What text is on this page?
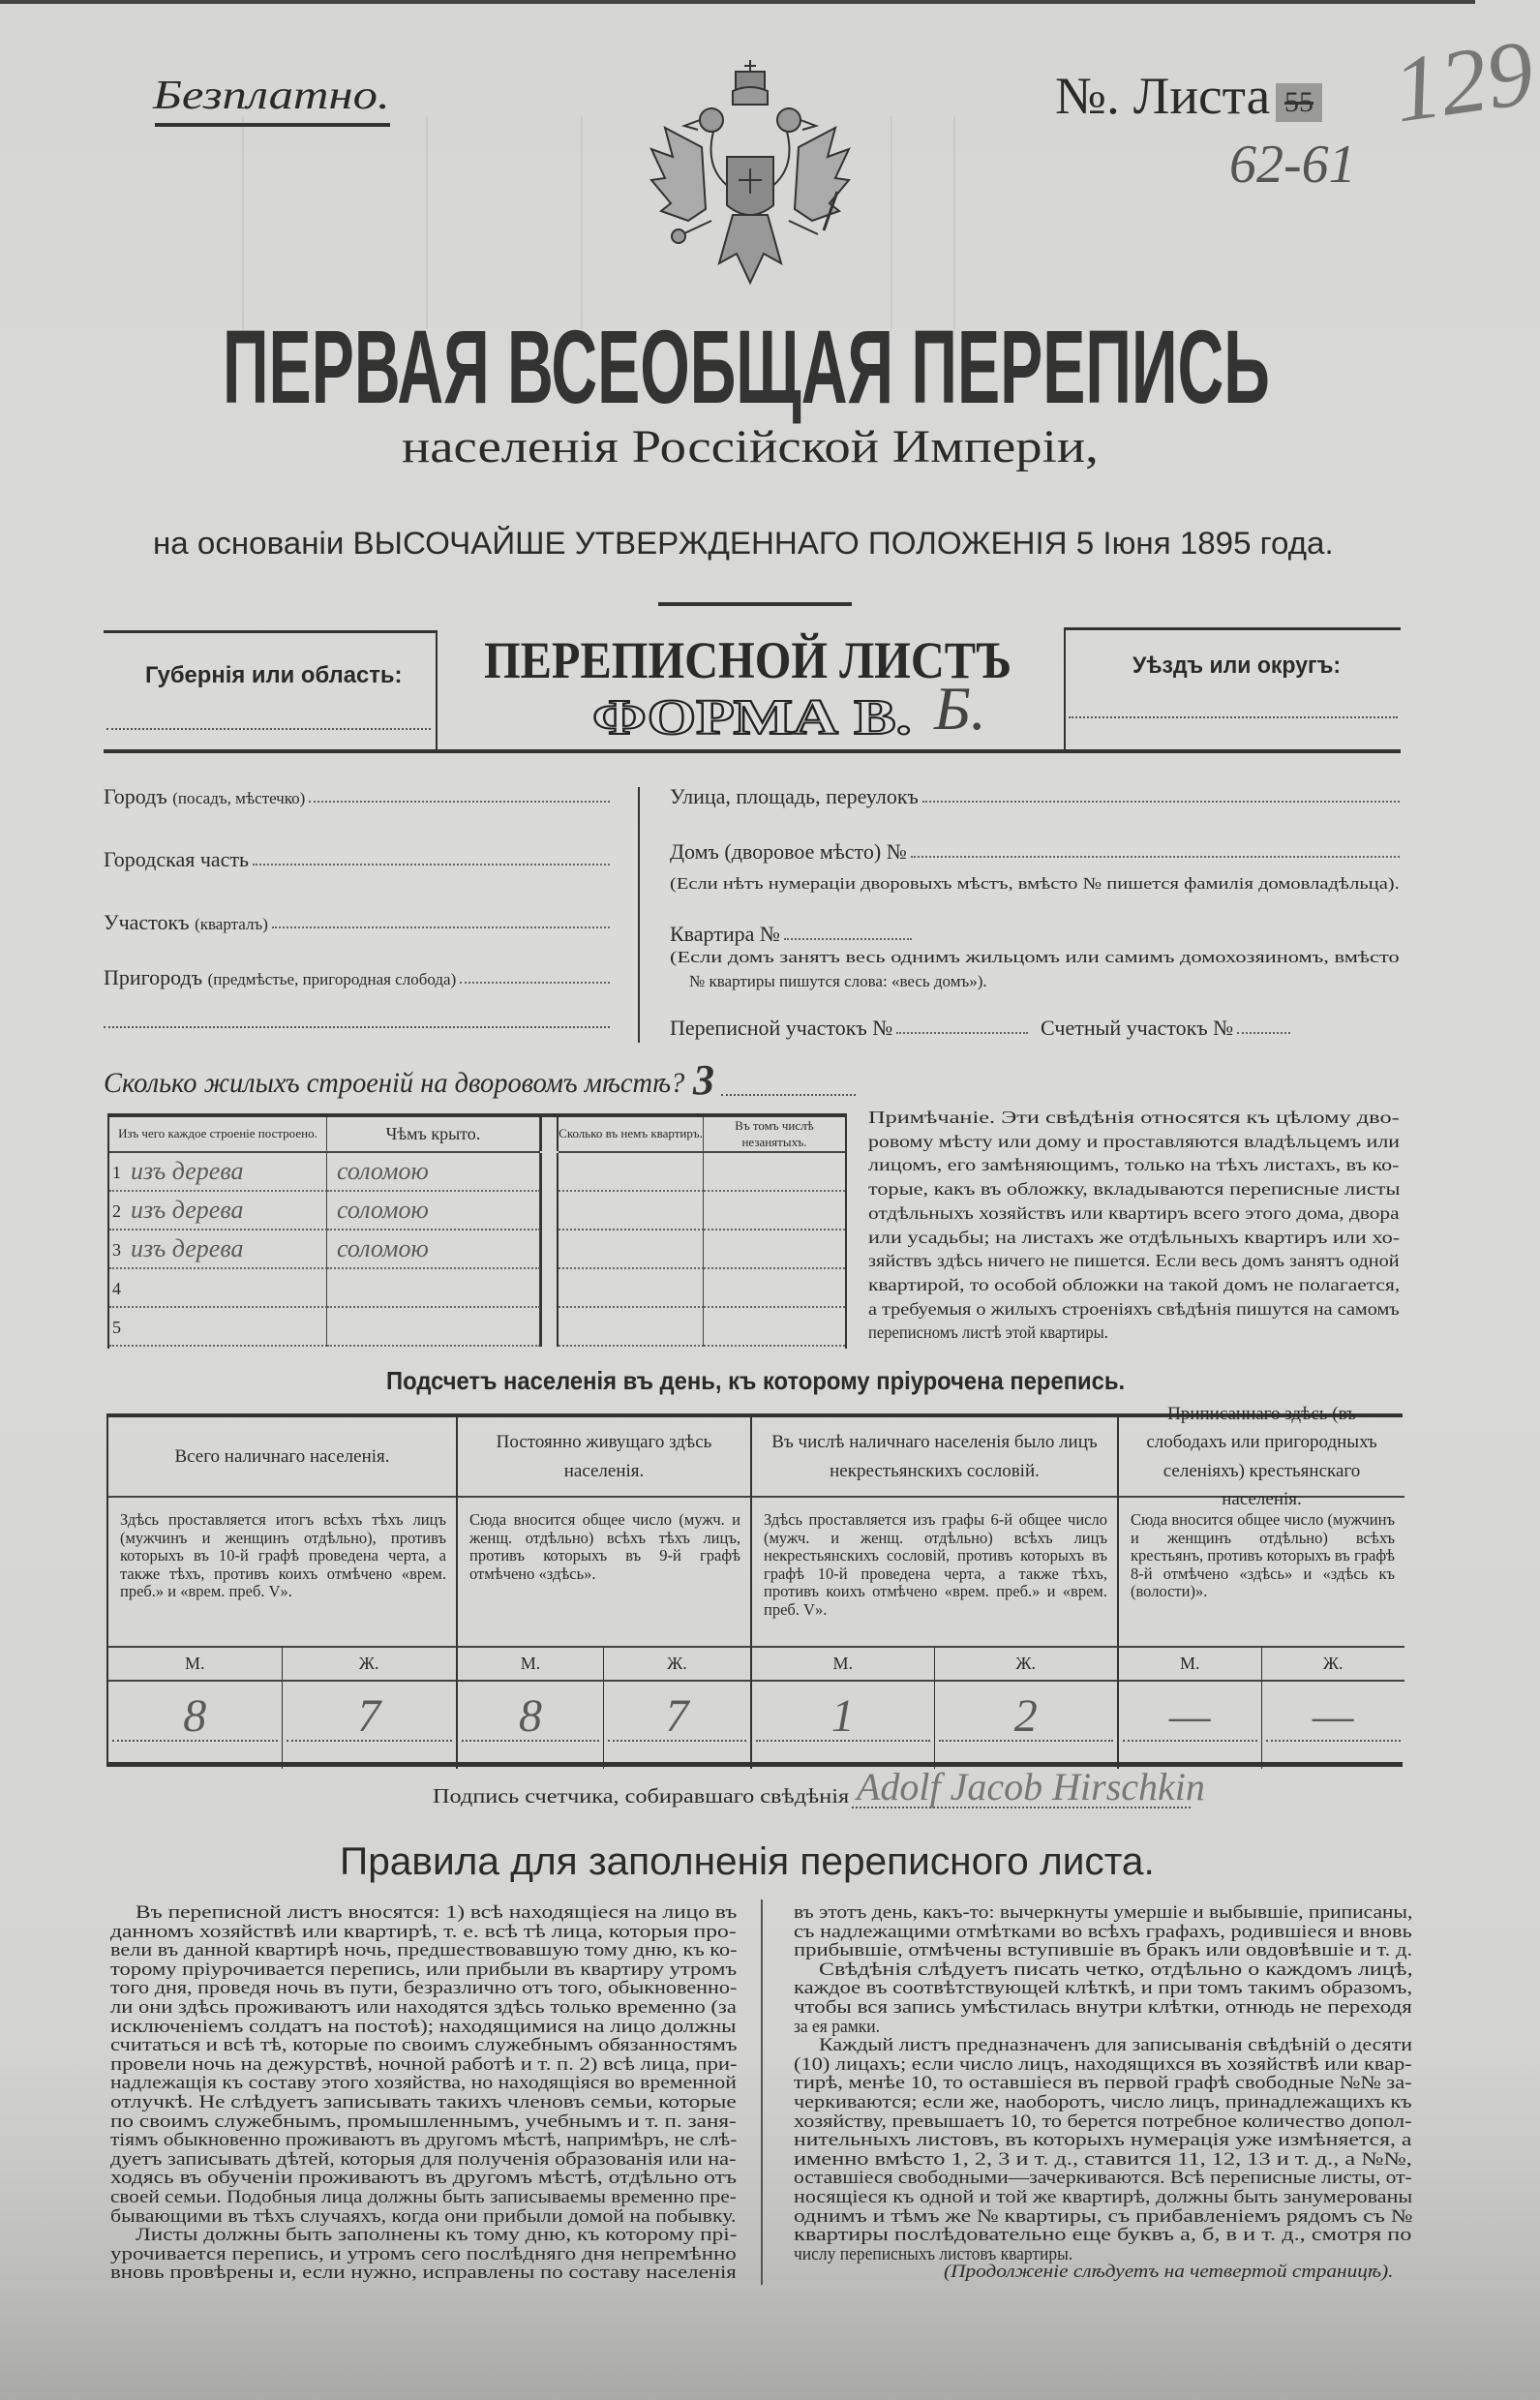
Безплатно.	№. Листа 55 129
62-61
ПЕРВАЯ ВСЕОБЩАЯ ПЕРЕПИСЬ
населенія Россійской Имперіи,
на основаніи ВЫСОЧАЙШЕ УТВЕРЖДЕННАГО ПОЛОЖЕНІЯ 5 Іюня 1895 года.
Губернія или область: ПЕРЕПИСНОЙ ЛИСТЪ
ФОРМА В. Б.
Уѣздъ или округъ:
Городъ (посадъ, мѣстечко)
Городская часть
Участокъ (кварталъ)
Пригородъ (предмѣстье, пригородная слобода)
Улица, площадь, переулокъ
Домъ (дворовое мѣсто) №
(Если нѣтъ нумераціи дворовыхъ мѣстъ, вмѣсто № пишется фамилія домовладѣльца).
Квартира №
(Если домъ занятъ весь однимъ жильцомъ или самимъ домохозяиномъ, вмѣсто
№ квартиры пишутся слова: «весь домъ»).
Переписной участокъ №	Счетный участокъ №
Сколько жилыхъ строеній на дворовомъ мѣстѣ? 3
Изъ чего каждое строеніе построено.	Чѣмъ крыто.	Сколько въ немъ квартиръ.
Въ томъ числѣ незанятыхъ.
1 изъ дерева	соломою
2 изъ дерева	соломою
3 изъ дерева	соломою
4
5
Примѣчаніе. Эти свѣдѣнія относятся къ цѣлому дво-
ровому мѣсту или дому и проставляются владѣльцемъ или
лицомъ, его замѣняющимъ, только на тѣхъ листахъ, въ ко-
торые, какъ въ обложку, вкладываются переписные листы
отдѣльныхъ хозяйствъ или квартиръ всего этого дома, двора
или усадьбы; на листахъ же отдѣльныхъ квартиръ или хо-
зяйствъ здѣсь ничего не пишется. Если весь домъ занятъ одной
квартирой, то особой обложки на такой домъ не полагается,
а требуемыя о жилыхъ строеніяхъ свѣдѣнія пишутся на самомъ
переписномъ листѣ этой квартиры.
Подсчетъ населенія въ день, къ которому пріурочена перепись.
Всего наличнаго населенія.
Здѣсь проставляется итогъ всѣхъ тѣхъ лицъ (мужчинъ и женщинъ отдѣльно), противъ которыхъ въ 10-й графѣ проведена черта, а также тѣхъ, противъ коихъ отмѣчено «врем. преб.» и «врем. преб. V».
М.	Ж.
8	7
Постоянно живущаго здѣсь населенія.
Сюда вносится общее число (мужч. и женщ. отдѣльно) всѣхъ тѣхъ лицъ, противъ которыхъ въ 9-й графѣ отмѣчено «здѣсь».
М.	Ж.
8	7
Въ числѣ наличнаго населенія было лицъ некрестьянскихъ сословій.
Здѣсь проставляется изъ графы 6-й общее число (мужч. и женщ. отдѣльно) всѣхъ лицъ некрестьянскихъ сословій, противъ которыхъ въ графѣ 10-й проведена черта, а также тѣхъ, противъ коихъ отмѣчено «врем. преб.» и «врем. преб. V».
М.	Ж.
1	2
Приписаннаго здѣсь (въ слободахъ или пригородныхъ селеніяхъ) крестьянскаго населенія.
Сюда вносится общее число (мужчинъ и женщинъ отдѣльно) всѣхъ крестьянъ, противъ которыхъ въ графѣ 8-й отмѣчено «здѣсь» и «здѣсь къ (волости)».
М.	Ж.
—	—
Подпись счетчика, собиравшаго свѣдѣнія Adolf Jacob Hirschkin
Правила для заполненія переписного листа.
Въ переписной листъ вносятся: 1) всѣ находящіеся на лицо въ
данномъ хозяйствѣ или квартирѣ, т. е. всѣ тѣ лица, которыя про-
вели въ данной квартирѣ ночь, предшествовавшую тому дню, къ ко-
торому пріурочивается перепись, или прибыли въ квартиру утромъ
того дня, проведя ночь въ пути, безразлично отъ того, обыкновенно-
ли они здѣсь проживаютъ или находятся здѣсь только временно (за
исключеніемъ солдатъ на постоѣ); находящимися на лицо должны
считаться и всѣ тѣ, которые по своимъ служебнымъ обязанностямъ
провели ночь на дежурствѣ, ночной работѣ и т. п. 2) всѣ лица, при-
надлежащія къ составу этого хозяйства, но находящіяся во временной
отлучкѣ. Не слѣдуетъ записывать такихъ членовъ семьи, которые
по своимъ служебнымъ, промышленнымъ, учебнымъ и т. п. заня-
тіямъ обыкновенно проживаютъ въ другомъ мѣстѣ, напримѣръ, не слѣ-
дуетъ записывать дѣтей, которыя для полученія образованія или на-
ходясь въ обученіи проживаютъ въ другомъ мѣстѣ, отдѣльно отъ
своей семьи. Подобныя лица должны быть записываемы временно пре-
бывающими въ тѣхъ случаяхъ, когда они прибыли домой на побывку.
Листы должны быть заполнены къ тому дню, къ которому прі-
урочивается перепись, и утромъ сего послѣдняго дня непремѣнно
вновь провѣрены и, если нужно, исправлены по составу населенія
въ этотъ день, какъ-то: вычеркнуты умершіе и выбывшіе, приписаны,
съ надлежащими отмѣтками во всѣхъ графахъ, родившіеся и вновь
прибывшіе, отмѣчены вступившіе въ бракъ или овдовѣвшіе и т. д.
Свѣдѣнія слѣдуетъ писать четко, отдѣльно о каждомъ лицѣ,
каждое въ соотвѣтствующей клѣткѣ, и при томъ такимъ образомъ,
чтобы вся запись умѣстилась внутри клѣтки, отнюдь не переходя
за ея рамки.
Каждый листъ предназначенъ для записыванія свѣдѣній о десяти
(10) лицахъ; если число лицъ, находящихся въ хозяйствѣ или квар-
тирѣ, менѣе 10, то оставшіеся въ первой графѣ свободные №№ за-
черкиваются; если же, наоборотъ, число лицъ, принадлежащихъ къ
хозяйству, превышаетъ 10, то берется потребное количество допол-
нительныхъ листовъ, въ которыхъ нумерація уже измѣняется, а
именно вмѣсто 1, 2, 3 и т. д., ставится 11, 12, 13 и т. д., а №№,
оставшіеся свободными—зачеркиваются. Всѣ переписные листы, от-
носящіеся къ одной и той же квартирѣ, должны быть занумерованы
однимъ и тѣмъ же № квартиры, съ прибавленіемъ рядомъ съ №
квартиры послѣдовательно еще буквъ а, б, в и т. д., смотря по
числу переписныхъ листовъ квартиры.
(Продолженіе слѣдуетъ на четвертой страницѣ).
